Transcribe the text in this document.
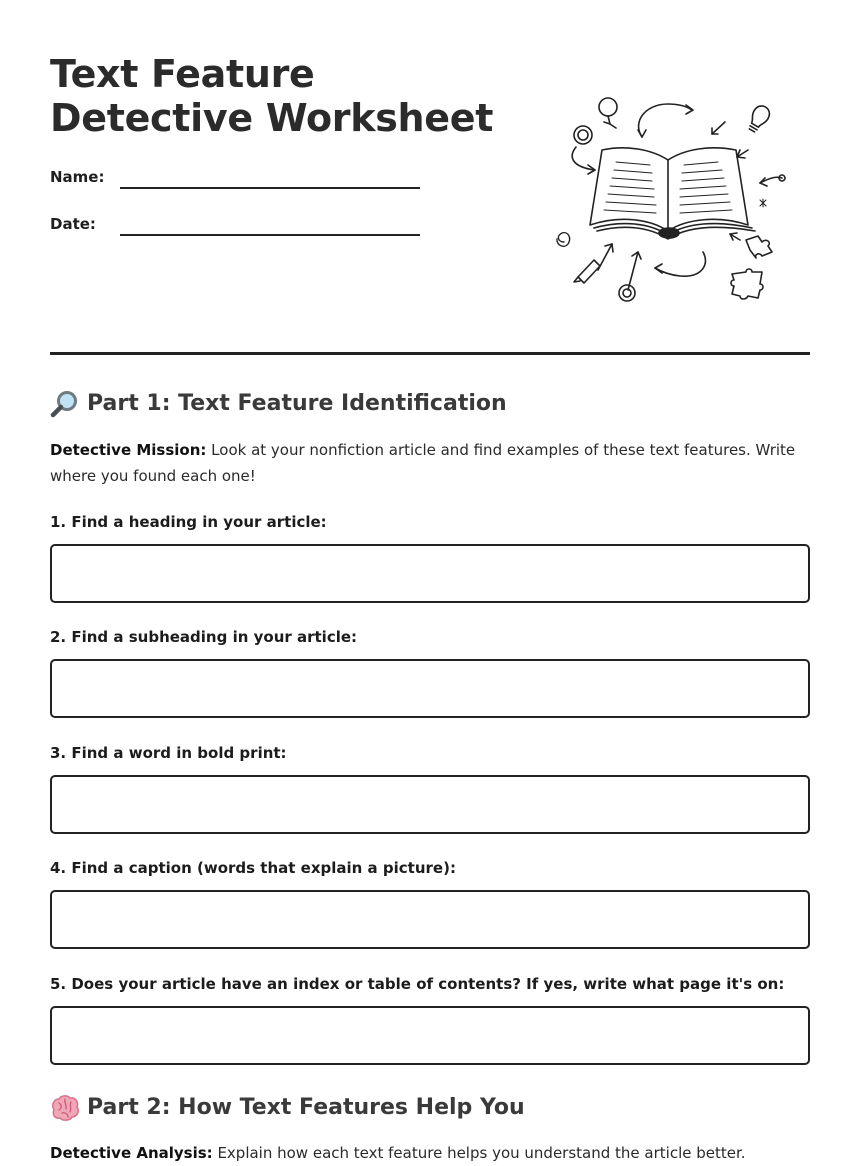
Text Feature Detective Worksheet
Name:
Date:
Part 1: Text Feature Identification

Detective Mission: Look at your nonfiction article and find examples of these text features. Write where you found each one!

1. Find a heading in your article:

2. Find a subheading in your article:

3. Find a word in bold print:

4. Find a caption (words that explain a picture):

5. Does your article have an index or table of contents? If yes, write what page it's on:

Part 2: How Text Features Help You

Detective Analysis: Explain how each text feature helps you understand the article better.
